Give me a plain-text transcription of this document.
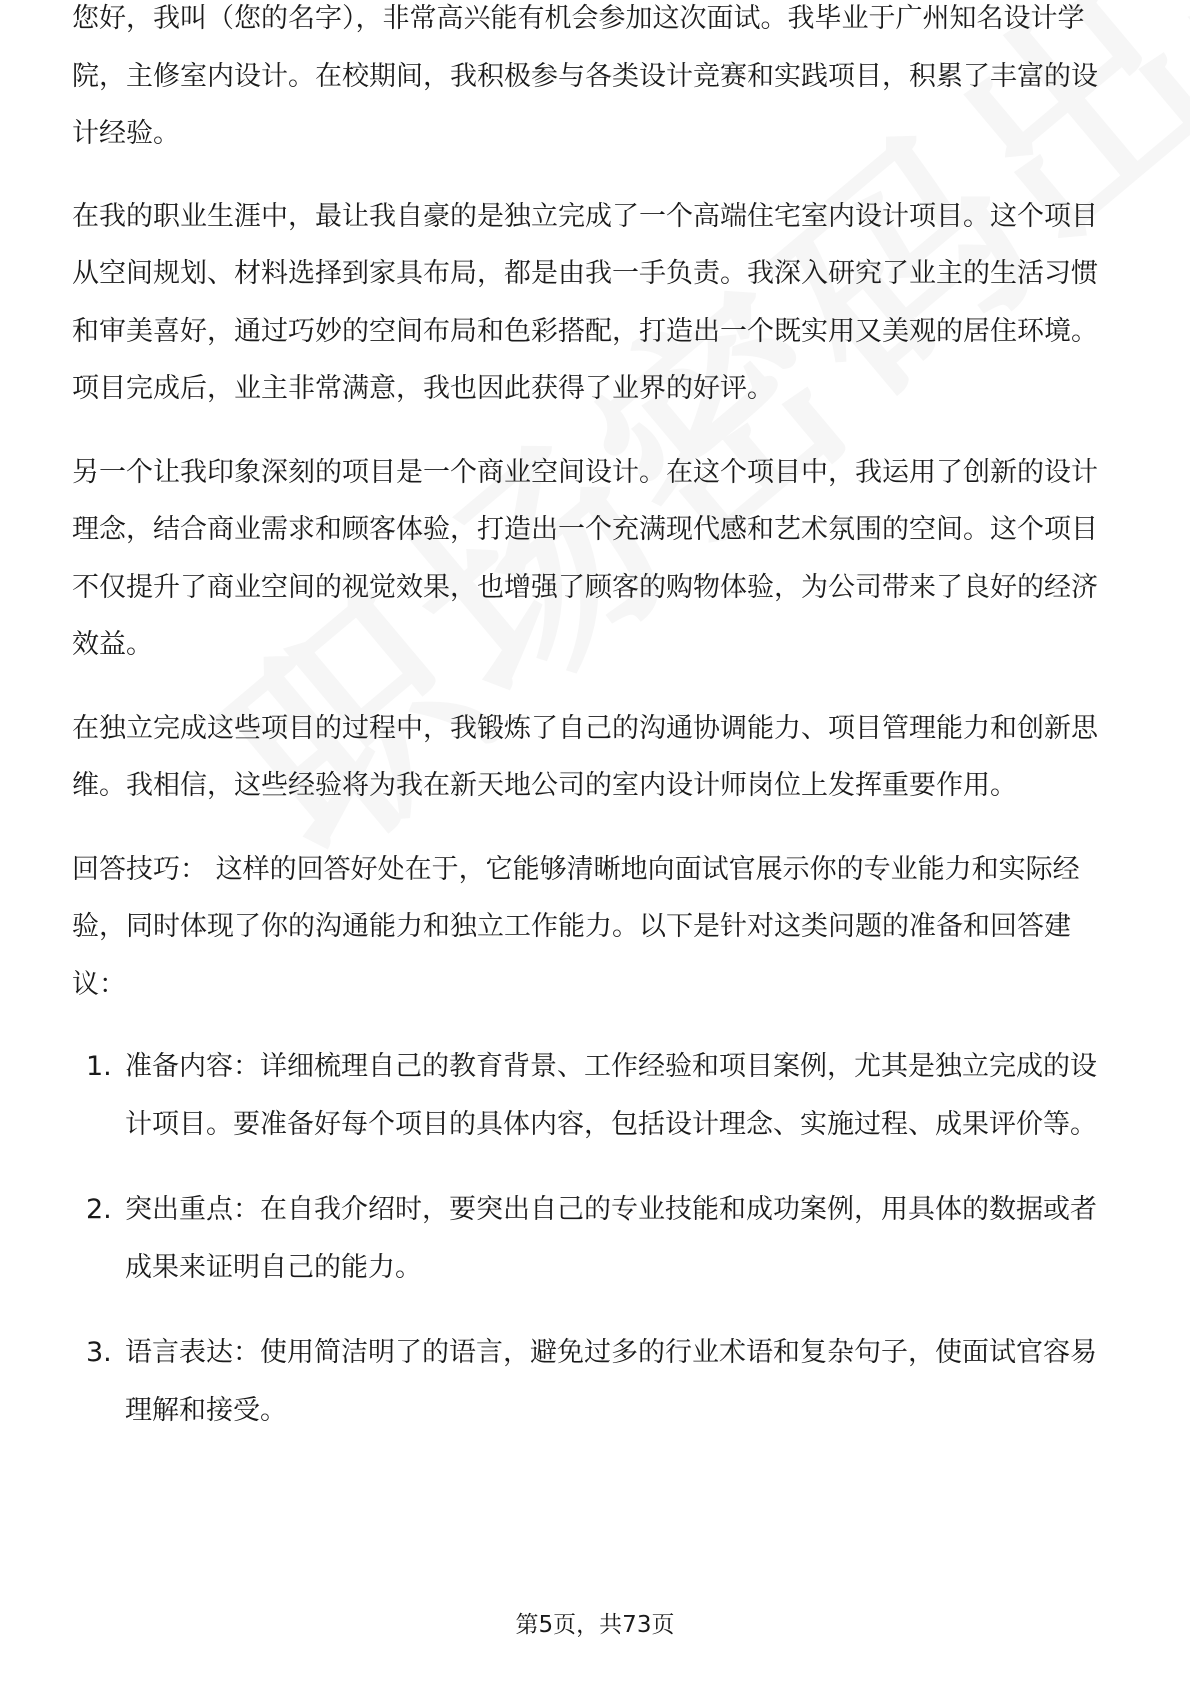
您好，我叫（您的名字），非常高兴能有机会参加这次面试。我毕业于广州知名设计学院，主修室内设计。在校期间，我积极参与各类设计竞赛和实践项目，积累了丰富的设计经验。

在我的职业生涯中，最让我自豪的是独立完成了一个高端住宅室内设计项目。这个项目从空间规划、材料选择到家具布局，都是由我一手负责。我深入研究了业主的生活习惯和审美喜好，通过巧妙的空间布局和色彩搭配，打造出一个既实用又美观的居住环境。项目完成后，业主非常满意，我也因此获得了业界的好评。

另一个让我印象深刻的项目是一个商业空间设计。在这个项目中，我运用了创新的设计理念，结合商业需求和顾客体验，打造出一个充满现代感和艺术氛围的空间。这个项目不仅提升了商业空间的视觉效果，也增强了顾客的购物体验，为公司带来了良好的经济效益。

在独立完成这些项目的过程中，我锻炼了自己的沟通协调能力、项目管理能力和创新思维。我相信，这些经验将为我在新天地公司的室内设计师岗位上发挥重要作用。

回答技巧： 这样的回答好处在于，它能够清晰地向面试官展示你的专业能力和实际经验，同时体现了你的沟通能力和独立工作能力。以下是针对这类问题的准备和回答建议：

1. 准备内容：详细梳理自己的教育背景、工作经验和项目案例，尤其是独立完成的设计项目。要准备好每个项目的具体内容，包括设计理念、实施过程、成果评价等。
2. 突出重点：在自我介绍时，要突出自己的专业技能和成功案例，用具体的数据或者成果来证明自己的能力。
3. 语言表达：使用简洁明了的语言，避免过多的行业术语和复杂句子，使面试官容易理解和接受。
第5页，共73页
